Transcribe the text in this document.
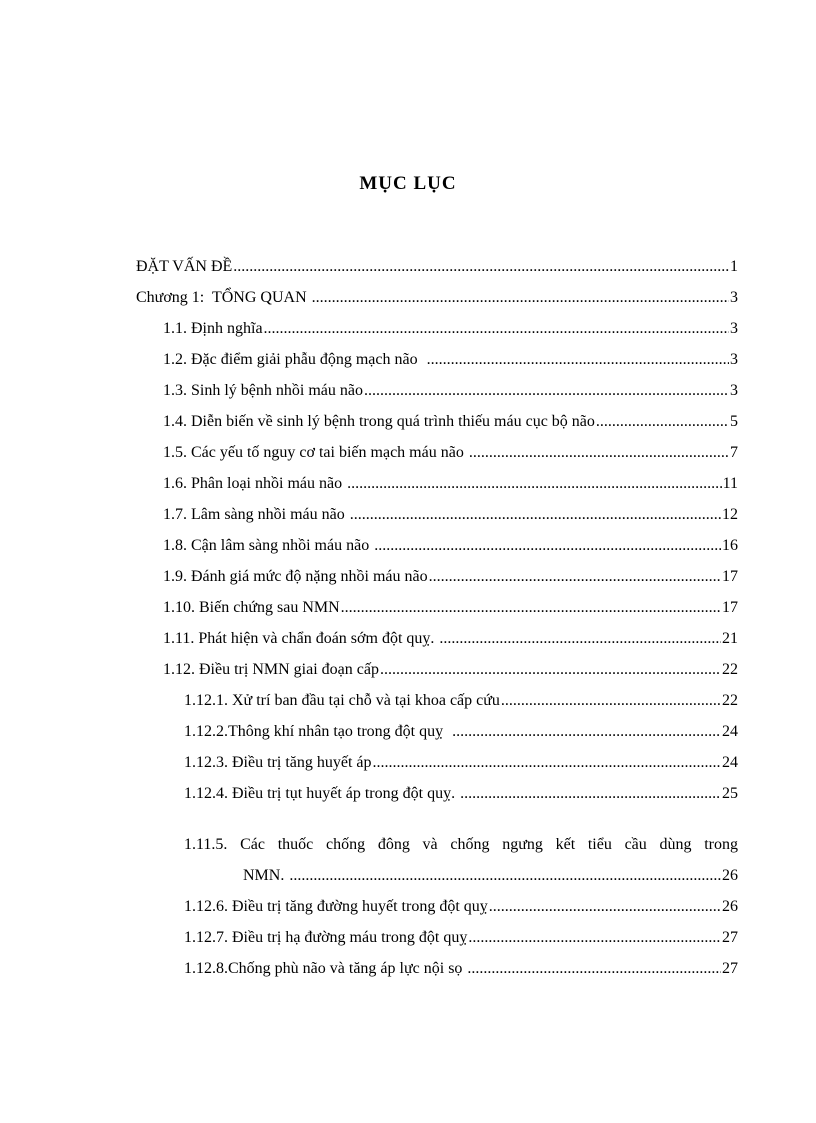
MỤC LỤC
ĐẶT VẤN ĐỀ .....	1
Chương 1:  TỔNG QUAN .....	3
1.1. Định nghĩa .....	3
1.2. Đặc điểm giải phẫu động mạch não .....	3
1.3. Sinh lý bệnh nhồi máu não .....	3
1.4. Diễn biến về sinh lý bệnh trong quá trình thiếu máu cục bộ não .....	5
1.5. Các yếu tố nguy cơ tai biến mạch máu não .....	7
1.6. Phân loại nhồi máu não .....	11
1.7. Lâm sàng nhồi máu não .....	12
1.8. Cận lâm sàng nhồi máu não .....	16
1.9. Đánh giá mức độ nặng nhồi máu não .....	17
1.10. Biến chứng sau NMN .....	17
1.11. Phát hiện và chẩn đoán sớm đột quỵ. .....	21
1.12. Điều trị NMN giai đoạn cấp .....	22
1.12.1. Xử trí ban đầu tại chỗ và tại khoa cấp cứu .....	22
1.12.2.Thông khí nhân tạo trong đột quỵ .....	24
1.12.3. Điều trị tăng huyết áp .....	24
1.12.4. Điều trị tụt huyết áp trong đột quỵ. .....	25
1.11.5. Các thuốc chống đông và chống ngưng kết tiểu cầu dùng trong
NMN. .....	26
1.12.6. Điều trị tăng đường huyết trong đột quỵ .....	26
1.12.7. Điều trị hạ đường máu trong đột quỵ .....	27
1.12.8.Chống phù não và tăng áp lực nội sọ .....	27
